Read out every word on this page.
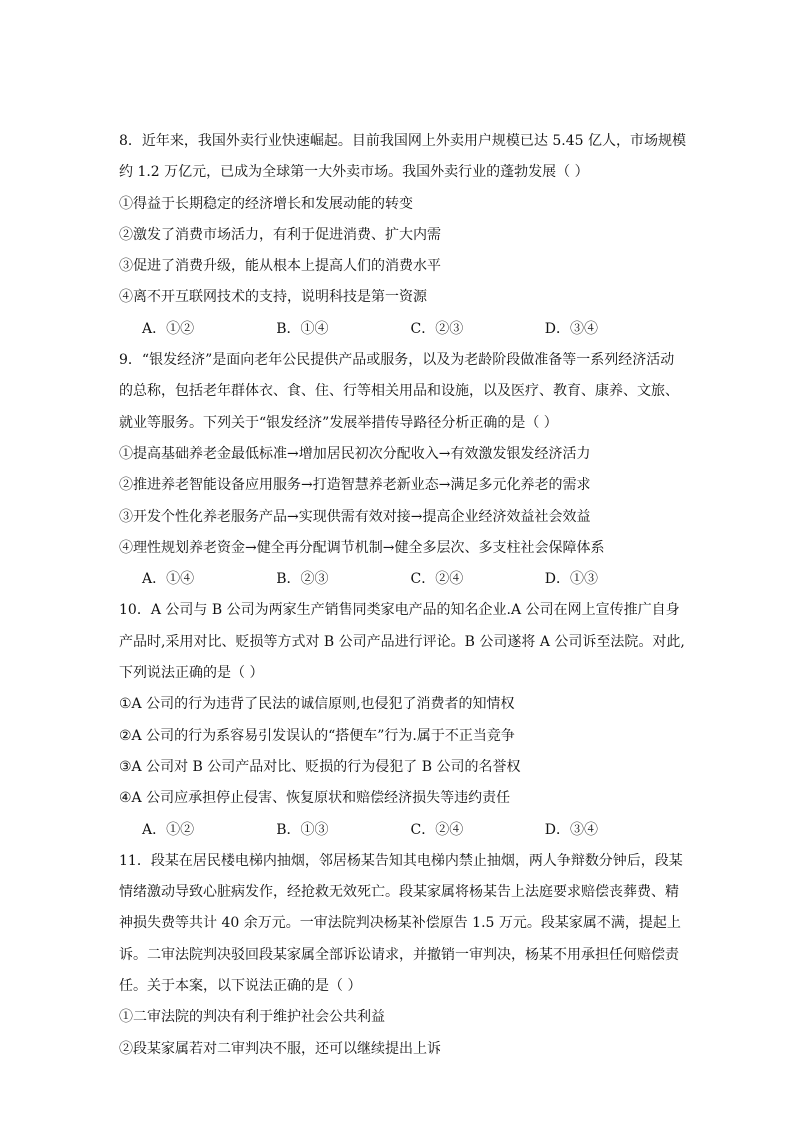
8．近年来，我国外卖行业快速崛起。目前我国网上外卖用户规模已达 5.45 亿人，市场规模
约 1.2 万亿元，已成为全球第一大外卖市场。我国外卖行业的蓬勃发展（ ）
①得益于长期稳定的经济增长和发展动能的转变
②激发了消费市场活力，有利于促进消费、扩大内需
③促进了消费升级，能从根本上提高人们的消费水平
④离不开互联网技术的支持，说明科技是第一资源
A．①②	B．①④	C．②③	D．③④
9．“银发经济”是面向老年公民提供产品或服务，以及为老龄阶段做准备等一系列经济活动
的总称，包括老年群体衣、食、住、行等相关用品和设施，以及医疗、教育、康养、文旅、
就业等服务。下列关于“银发经济”发展举措传导路径分析正确的是（ ）
①提高基础养老金最低标准→增加居民初次分配收入→有效激发银发经济活力
②推进养老智能设备应用服务→打造智慧养老新业态→满足多元化养老的需求
③开发个性化养老服务产品→实现供需有效对接→提高企业经济效益社会效益
④理性规划养老资金→健全再分配调节机制→健全多层次、多支柱社会保障体系
A．①④	B．②③	C．②④	D．①③
10．A 公司与 B 公司为两家生产销售同类家电产品的知名企业.A 公司在网上宣传推广自身
产品时,采用对比、贬损等方式对 B 公司产品进行评论。B 公司遂将 A 公司诉至法院。对此,
下列说法正确的是（ ）
①A 公司的行为违背了民法的诚信原则,也侵犯了消费者的知情权
②A 公司的行为系容易引发误认的“搭便车”行为.属于不正当竞争
③A 公司对 B 公司产品对比、贬损的行为侵犯了 B 公司的名誉权
④A 公司应承担停止侵害、恢复原状和赔偿经济损失等违约责任
A．①②	B．①③	C．②④	D．③④
11．段某在居民楼电梯内抽烟，邻居杨某告知其电梯内禁止抽烟，两人争辩数分钟后，段某
情绪激动导致心脏病发作，经抢救无效死亡。段某家属将杨某告上法庭要求赔偿丧葬费、精
神损失费等共计 40 余万元。一审法院判决杨某补偿原告 1.5 万元。段某家属不满，提起上
诉。二审法院判决驳回段某家属全部诉讼请求，并撤销一审判决，杨某不用承担任何赔偿责
任。关于本案，以下说法正确的是（ ）
①二审法院的判决有利于维护社会公共利益
②段某家属若对二审判决不服，还可以继续提出上诉
